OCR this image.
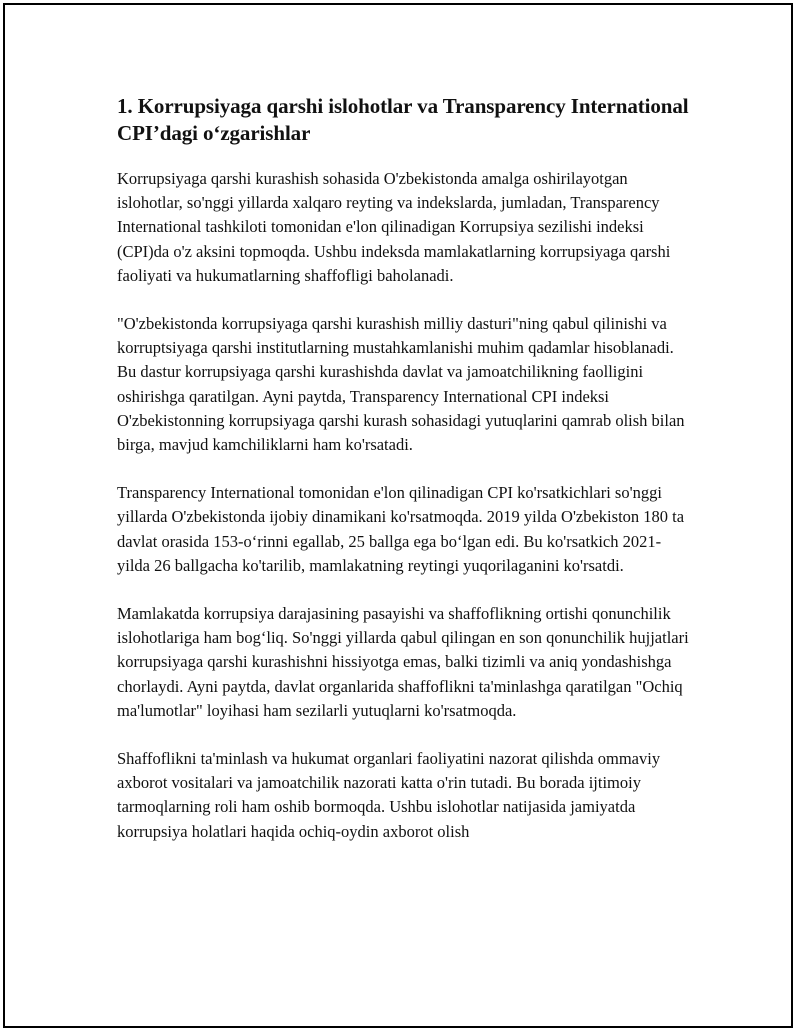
1. Korrupsiyaga qarshi islohotlar va Transparency International CPI’dagi o‘zgarishlar

Korrupsiyaga qarshi kurashish sohasida O'zbekistonda amalga oshirilayotgan islohotlar, so'nggi yillarda xalqaro reyting va indekslarda, jumladan, Transparency International tashkiloti tomonidan e'lon qilinadigan Korrupsiya sezilishi indeksi (CPI)da o'z aksini topmoqda. Ushbu indeksda mamlakatlarning korrupsiyaga qarshi faoliyati va hukumatlarning shaffofligi baholanadi.

"O'zbekistonda korrupsiyaga qarshi kurashish milliy dasturi"ning qabul qilinishi va korruptsiyaga qarshi institutlarning mustahkamlanishi muhim qadamlar hisoblanadi. Bu dastur korrupsiyaga qarshi kurashishda davlat va jamoatchilikning faolligini oshirishga qaratilgan. Ayni paytda, Transparency International CPI indeksi O'zbekistonning korrupsiyaga qarshi kurash sohasidagi yutuqlarini qamrab olish bilan birga, mavjud kamchiliklarni ham ko'rsatadi.

Transparency International tomonidan e'lon qilinadigan CPI ko'rsatkichlari so'nggi yillarda O'zbekistonda ijobiy dinamikani ko'rsatmoqda. 2019 yilda O'zbekiston 180 ta davlat orasida 153-o‘rinni egallab, 25 ballga ega bo‘lgan edi. Bu ko'rsatkich 2021-yilda 26 ballgacha ko'tarilib, mamlakatning reytingi yuqorilaganini ko'rsatdi.

Mamlakatda korrupsiya darajasining pasayishi va shaffoflikning ortishi qonunchilik islohotlariga ham bog‘liq. So'nggi yillarda qabul qilingan en son qonunchilik hujjatlari korrupsiyaga qarshi kurashishni hissiyotga emas, balki tizimli va aniq yondashishga chorlaydi. Ayni paytda, davlat organlarida shaffoflikni ta'minlashga qaratilgan "Ochiq ma'lumotlar" loyihasi ham sezilarli yutuqlarni ko'rsatmoqda.

Shaffoflikni ta'minlash va hukumat organlari faoliyatini nazorat qilishda ommaviy axborot vositalari va jamoatchilik nazorati katta o'rin tutadi. Bu borada ijtimoiy tarmoqlarning roli ham oshib bormoqda. Ushbu islohotlar natijasida jamiyatda korrupsiya holatlari haqida ochiq-oydin axborot olish
